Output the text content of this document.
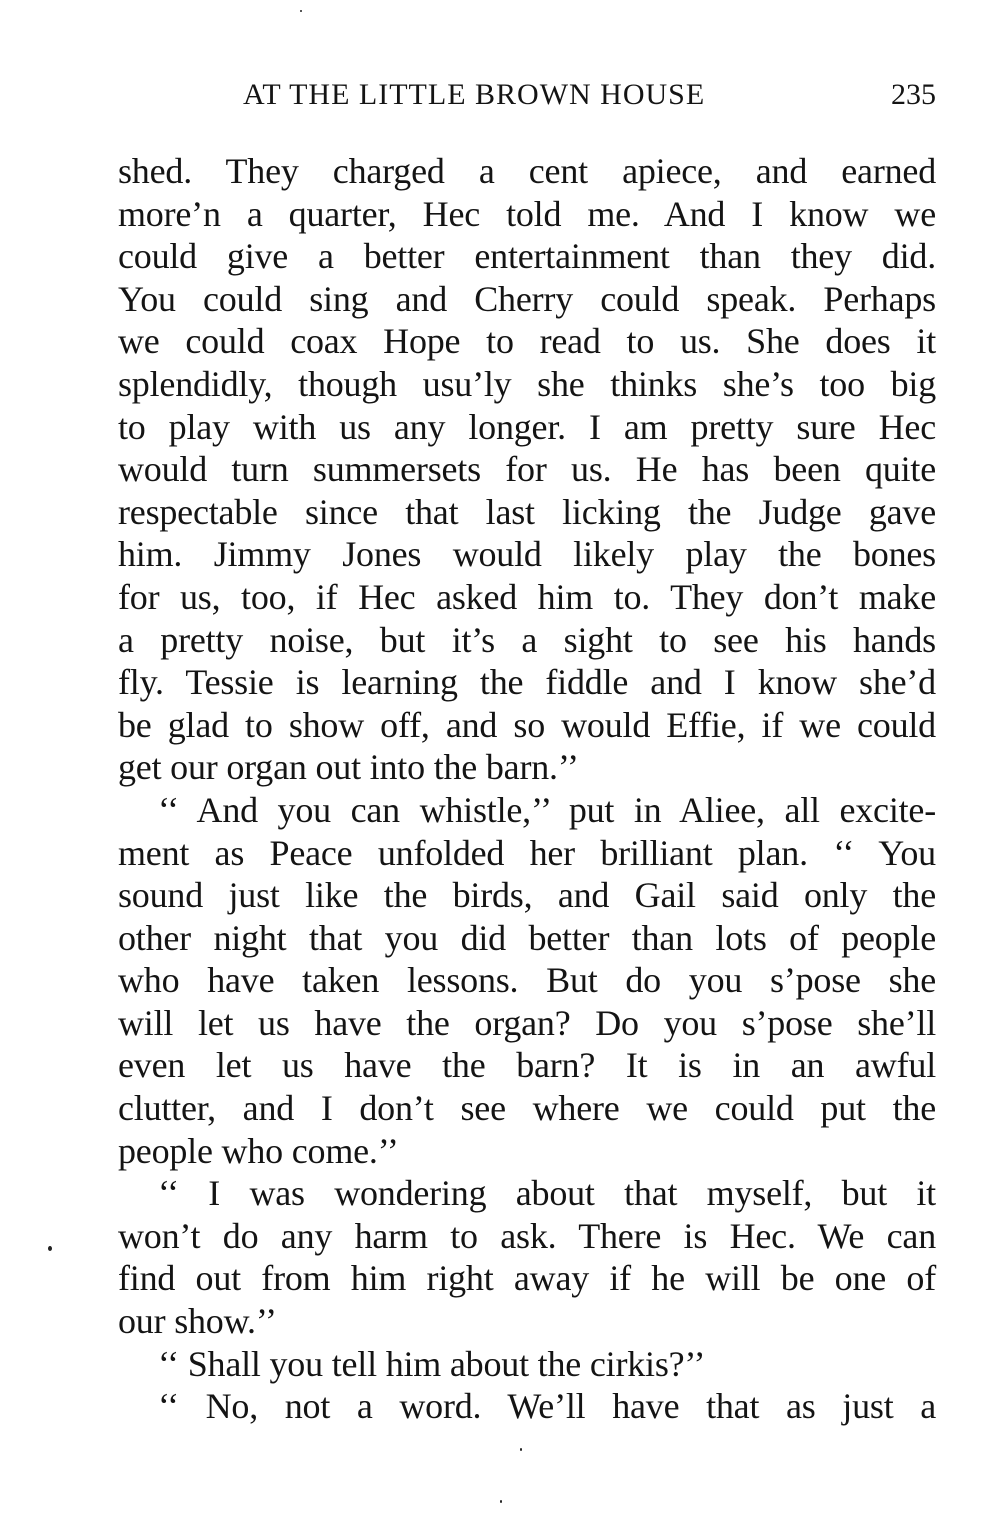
AT THE LITTLE BROWN HOUSE	235
shed. They charged a cent apiece, and earned
more’n a quarter, Hec told me. And I know we
could give a better entertainment than they did.
You could sing and Cherry could speak. Perhaps
we could coax Hope to read to us. She does it
splendidly, though usu’ly she thinks she’s too big
to play with us any longer. I am pretty sure Hec
would turn summersets for us. He has been quite
respectable since that last licking the Judge gave
him. Jimmy Jones would likely play the bones
for us, too, if Hec asked him to. They don’t make
a pretty noise, but it’s a sight to see his hands
fly. Tessie is learning the fiddle and I know she’d
be glad to show off, and so would Effie, if we could
get our organ out into the barn.’’
‘‘ And you can whistle,’’ put in Aliee, all excite-
ment as Peace unfolded her brilliant plan. ‘‘ You
sound just like the birds, and Gail said only the
other night that you did better than lots of people
who have taken lessons. But do you s’pose she
will let us have the organ? Do you s’pose she’ll
even let us have the barn? It is in an awful
clutter, and I don’t see where we could put the
people who come.’’
‘‘ I was wondering about that myself, but it
won’t do any harm to ask. There is Hec. We can
find out from him right away if he will be one of
our show.’’
‘‘ Shall you tell him about the cirkis?’’
‘‘ No, not a word. We’ll have that as just a
